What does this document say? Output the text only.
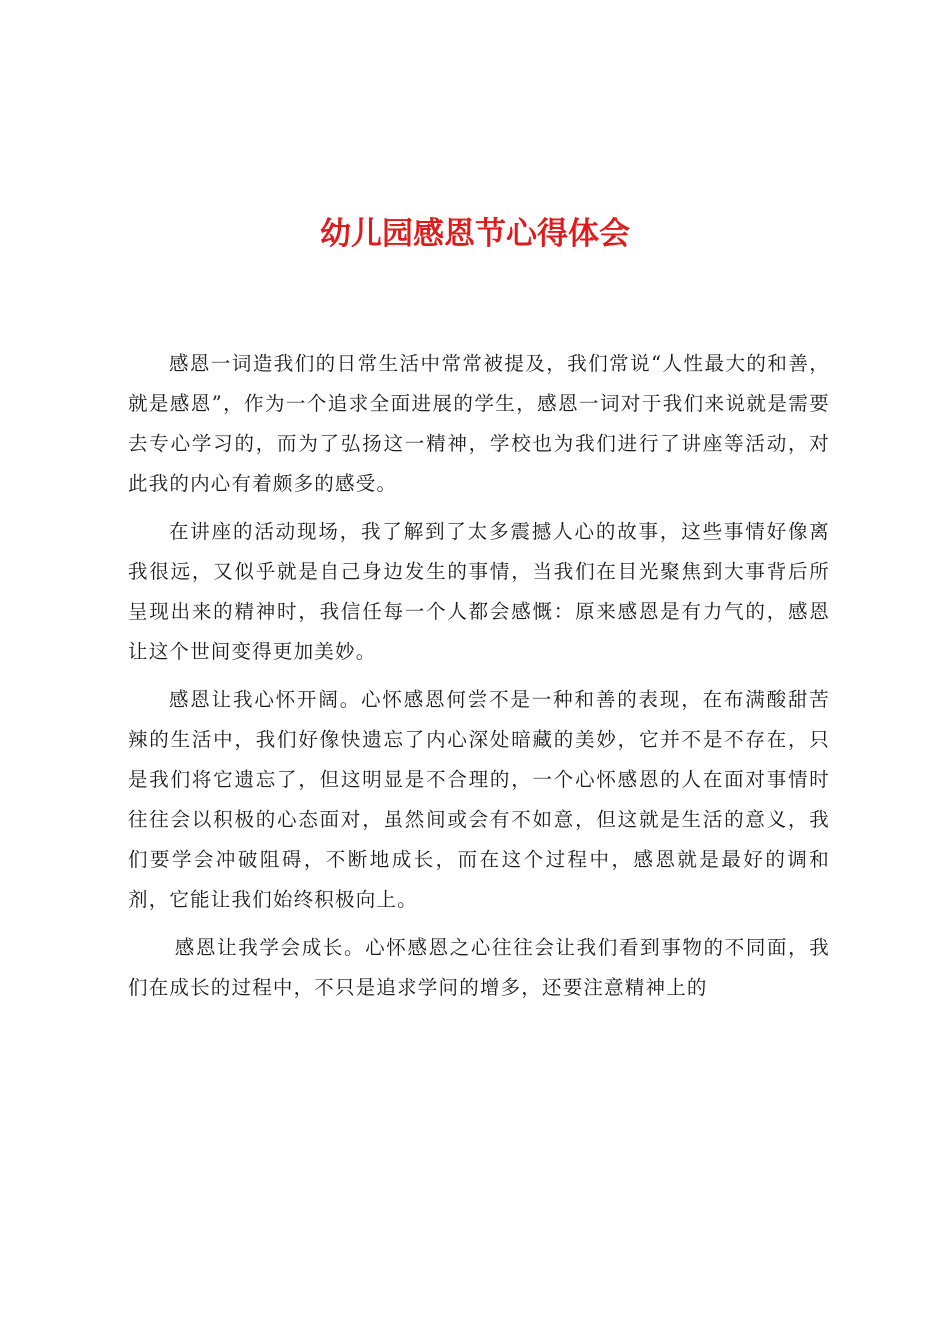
幼儿园感恩节心得体会

感恩一词造我们的日常生活中常常被提及，我们常说“人性最大的和善，就是感恩”，作为一个追求全面进展的学生，感恩一词对于我们来说就是需要去专心学习的，而为了弘扬这一精神，学校也为我们进行了讲座等活动，对此我的内心有着颇多的感受。

在讲座的活动现场，我了解到了太多震撼人心的故事，这些事情好像离我很远，又似乎就是自己身边发生的事情，当我们在目光聚焦到大事背后所呈现出来的精神时，我信任每一个人都会感慨：原来感恩是有力气的，感恩让这个世间变得更加美妙。

感恩让我心怀开阔。心怀感恩何尝不是一种和善的表现，在布满酸甜苦辣的生活中，我们好像快遗忘了内心深处暗藏的美妙，它并不是不存在，只是我们将它遗忘了，但这明显是不合理的，一个心怀感恩的人在面对事情时往往会以积极的心态面对，虽然间或会有不如意，但这就是生活的意义，我们要学会冲破阻碍，不断地成长，而在这个过程中，感恩就是最好的调和剂，它能让我们始终积极向上。

感恩让我学会成长。心怀感恩之心往往会让我们看到事物的不同面，我们在成长的过程中，不只是追求学问的增多，还要注意精神上的
